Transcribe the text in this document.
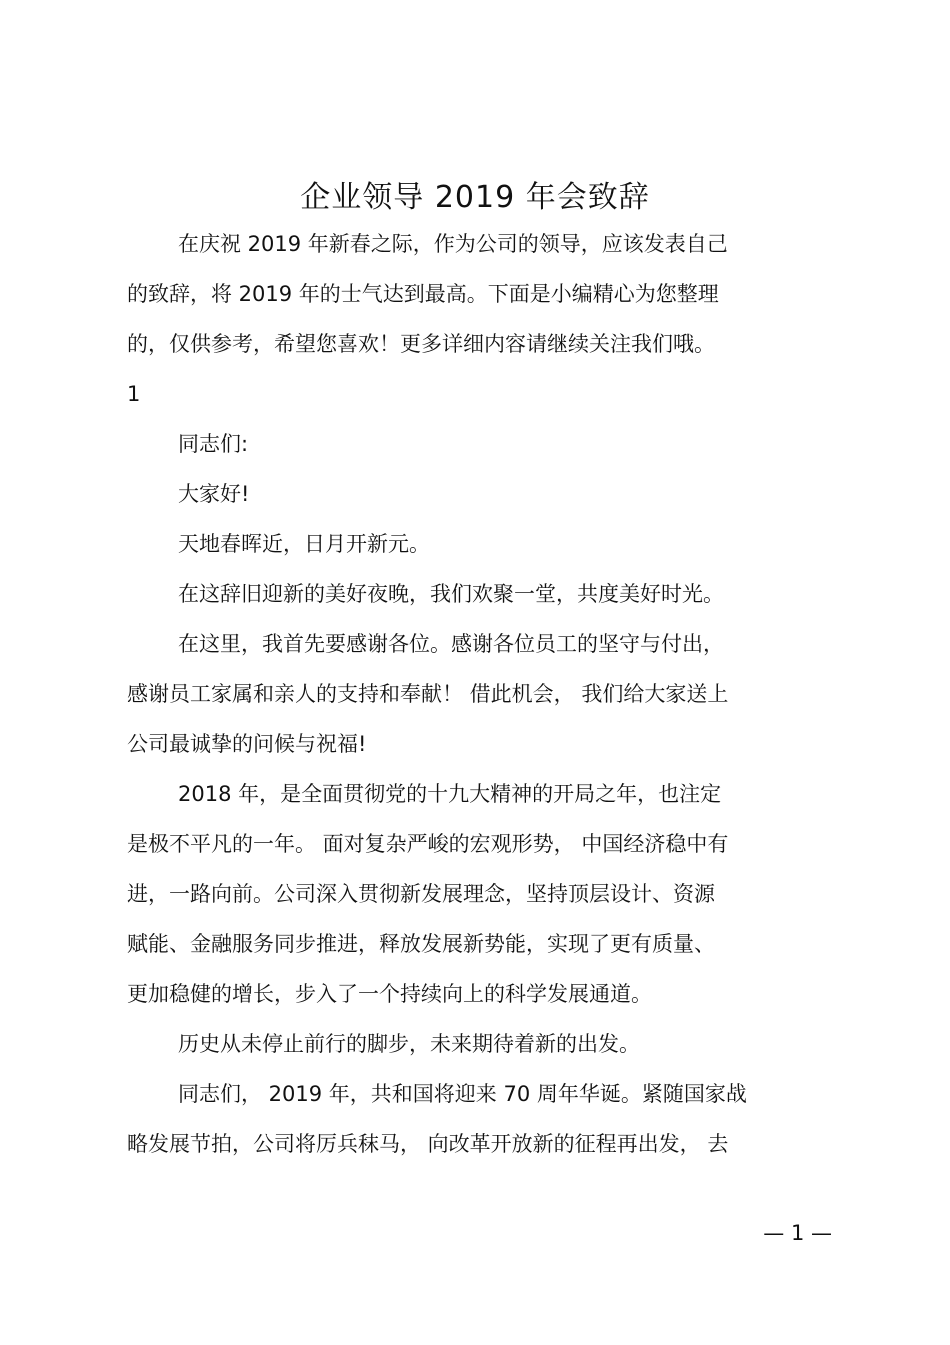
企业领导 2019 年会致辞
在庆祝 2019 年新春之际，作为公司的领导，应该发表自己
的致辞，将 2019 年的士气达到最高。下面是小编精心为您整理
的，仅供参考，希望您喜欢！更多详细内容请继续关注我们哦。
1
同志们:
大家好!
天地春晖近，日月开新元。
在这辞旧迎新的美好夜晚，我们欢聚一堂，共度美好时光。
在这里，我首先要感谢各位。感谢各位员工的坚守与付出，
感谢员工家属和亲人的支持和奉献！ 借此机会， 我们给大家送上
公司最诚挚的问候与祝福!
2018 年，是全面贯彻党的十九大精神的开局之年，也注定
是极不平凡的一年。 面对复杂严峻的宏观形势， 中国经济稳中有
进，一路向前。公司深入贯彻新发展理念，坚持顶层设计、资源
赋能、金融服务同步推进，释放发展新势能，实现了更有质量、
更加稳健的增长，步入了一个持续向上的科学发展通道。
历史从未停止前行的脚步，未来期待着新的出发。
同志们， 2019 年，共和国将迎来 70 周年华诞。紧随国家战
略发展节拍，公司将厉兵秣马， 向改革开放新的征程再出发， 去
— 1 —
